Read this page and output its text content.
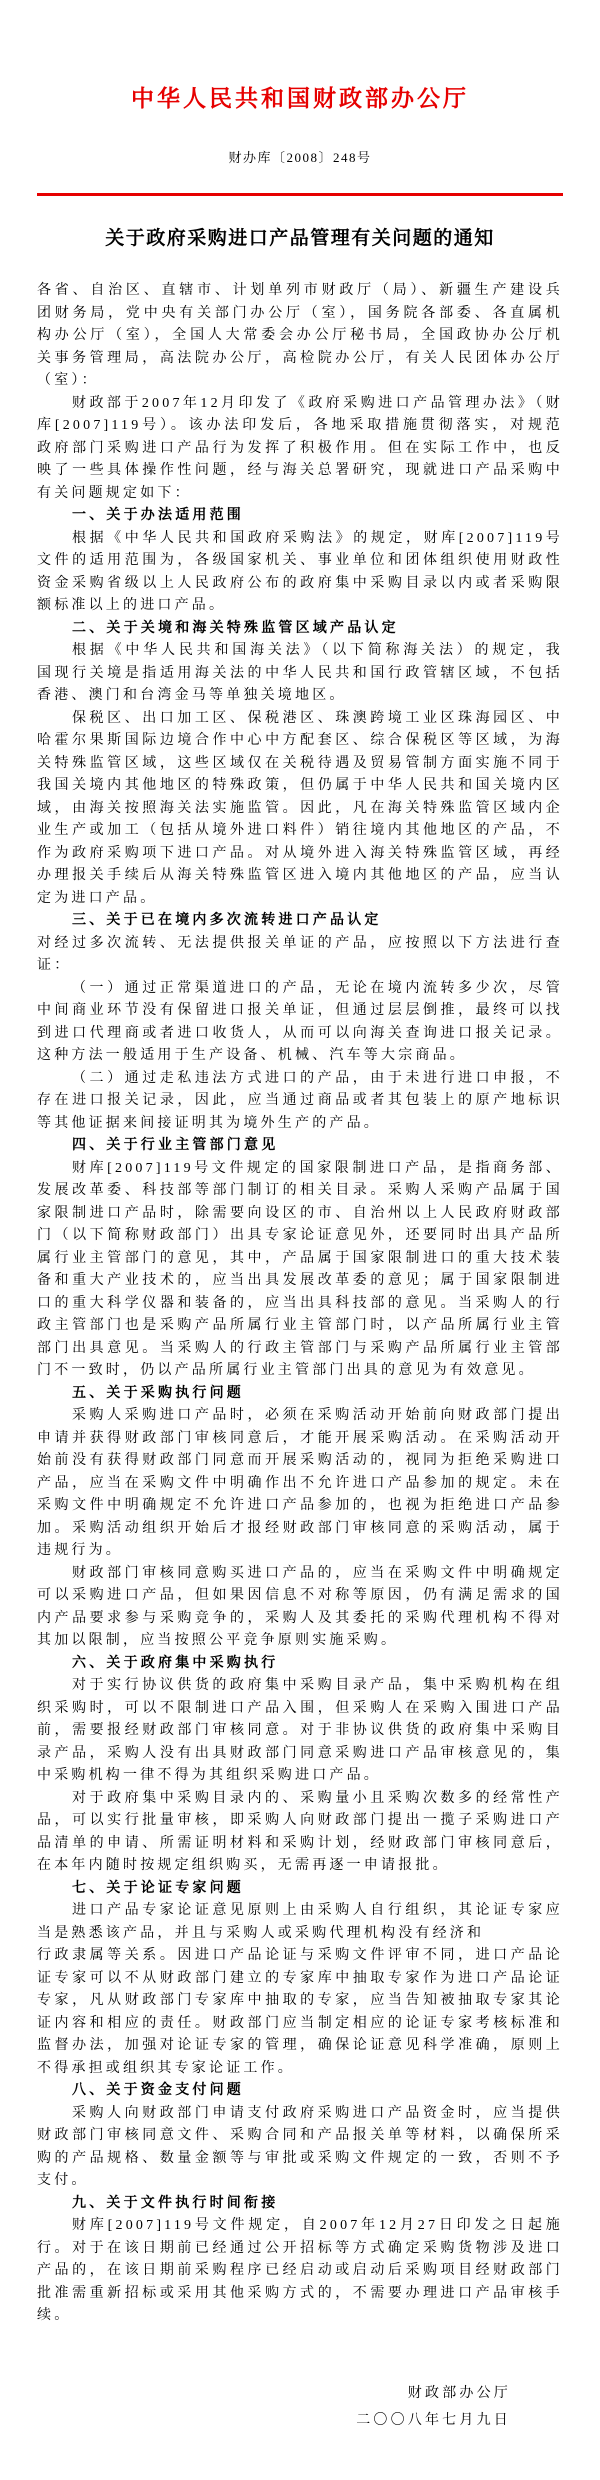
中华人民共和国财政部办公厅
财办库〔2008〕248号
关于政府采购进口产品管理有关问题的通知

各省、自治区、直辖市、计划单列市财政厅（局）、新疆生产建设兵团财务局，党中央有关部门办公厅（室），国务院各部委、各直属机构办公厅（室），全国人大常委会办公厅秘书局，全国政协办公厅机关事务管理局，高法院办公厅，高检院办公厅，有关人民团体办公厅（室）：

财政部于2007年12月印发了《政府采购进口产品管理办法》（财库[2007]119号）。该办法印发后，各地采取措施贯彻落实，对规范政府部门采购进口产品行为发挥了积极作用。但在实际工作中，也反映了一些具体操作性问题，经与海关总署研究，现就进口产品采购中有关问题规定如下：

一、关于办法适用范围

根据《中华人民共和国政府采购法》的规定，财库[2007]119号文件的适用范围为，各级国家机关、事业单位和团体组织使用财政性资金采购省级以上人民政府公布的政府集中采购目录以内或者采购限额标准以上的进口产品。

二、关于关境和海关特殊监管区域产品认定

根据《中华人民共和国海关法》（以下简称海关法）的规定，我国现行关境是指适用海关法的中华人民共和国行政管辖区域，不包括香港、澳门和台湾金马等单独关境地区。

保税区、出口加工区、保税港区、珠澳跨境工业区珠海园区、中哈霍尔果斯国际边境合作中心中方配套区、综合保税区等区域，为海关特殊监管区域，这些区域仅在关税待遇及贸易管制方面实施不同于我国关境内其他地区的特殊政策，但仍属于中华人民共和国关境内区域，由海关按照海关法实施监管。因此，凡在海关特殊监管区域内企业生产或加工（包括从境外进口料件）销往境内其他地区的产品，不作为政府采购项下进口产品。对从境外进入海关特殊监管区域，再经办理报关手续后从海关特殊监管区进入境内其他地区的产品，应当认定为进口产品。

三、关于已在境内多次流转进口产品认定

对经过多次流转、无法提供报关单证的产品，应按照以下方法进行查证：

（一）通过正常渠道进口的产品，无论在境内流转多少次，尽管中间商业环节没有保留进口报关单证，但通过层层倒推，最终可以找到进口代理商或者进口收货人，从而可以向海关查询进口报关记录。这种方法一般适用于生产设备、机械、汽车等大宗商品。

（二）通过走私违法方式进口的产品，由于未进行进口申报，不存在进口报关记录，因此，应当通过商品或者其包装上的原产地标识等其他证据来间接证明其为境外生产的产品。

四、关于行业主管部门意见

财库[2007]119号文件规定的国家限制进口产品，是指商务部、发展改革委、科技部等部门制订的相关目录。采购人采购产品属于国家限制进口产品时，除需要向设区的市、自治州以上人民政府财政部门（以下简称财政部门）出具专家论证意见外，还要同时出具产品所属行业主管部门的意见，其中，产品属于国家限制进口的重大技术装备和重大产业技术的，应当出具发展改革委的意见；属于国家限制进口的重大科学仪器和装备的，应当出具科技部的意见。当采购人的行政主管部门也是采购产品所属行业主管部门时，以产品所属行业主管部门出具意见。当采购人的行政主管部门与采购产品所属行业主管部门不一致时，仍以产品所属行业主管部门出具的意见为有效意见。

五、关于采购执行问题

采购人采购进口产品时，必须在采购活动开始前向财政部门提出申请并获得财政部门审核同意后，才能开展采购活动。在采购活动开始前没有获得财政部门同意而开展采购活动的，视同为拒绝采购进口产品，应当在采购文件中明确作出不允许进口产品参加的规定。未在采购文件中明确规定不允许进口产品参加的，也视为拒绝进口产品参加。采购活动组织开始后才报经财政部门审核同意的采购活动，属于违规行为。

财政部门审核同意购买进口产品的，应当在采购文件中明确规定可以采购进口产品，但如果因信息不对称等原因，仍有满足需求的国内产品要求参与采购竞争的，采购人及其委托的采购代理机构不得对其加以限制，应当按照公平竞争原则实施采购。

六、关于政府集中采购执行

对于实行协议供货的政府集中采购目录产品，集中采购机构在组织采购时，可以不限制进口产品入围，但采购人在采购入围进口产品前，需要报经财政部门审核同意。对于非协议供货的政府集中采购目录产品，采购人没有出具财政部门同意采购进口产品审核意见的，集中采购机构一律不得为其组织采购进口产品。

对于政府集中采购目录内的、采购量小且采购次数多的经常性产品，可以实行批量审核，即采购人向财政部门提出一揽子采购进口产品清单的申请、所需证明材料和采购计划，经财政部门审核同意后，在本年内随时按规定组织购买，无需再逐一申请报批。

七、关于论证专家问题

进口产品专家论证意见原则上由采购人自行组织，其论证专家应当是熟悉该产品，并且与采购人或采购代理机构没有经济和

行政隶属等关系。因进口产品论证与采购文件评审不同，进口产品论证专家可以不从财政部门建立的专家库中抽取专家作为进口产品论证专家，凡从财政部门专家库中抽取的专家，应当告知被抽取专家其论证内容和相应的责任。财政部门应当制定相应的论证专家考核标准和监督办法，加强对论证专家的管理，确保论证意见科学准确，原则上不得承担或组织其专家论证工作。

八、关于资金支付问题

采购人向财政部门申请支付政府采购进口产品资金时，应当提供财政部门审核同意文件、采购合同和产品报关单等材料，以确保所采购的产品规格、数量金额等与审批或采购文件规定的一致，否则不予支付。

九、关于文件执行时间衔接

财库[2007]119号文件规定，自2007年12月27日印发之日起施行。对于在该日期前已经通过公开招标等方式确定采购货物涉及进口产品的，在该日期前采购程序已经启动或启动后采购项目经财政部门批准需重新招标或采用其他采购方式的，不需要办理进口产品审核手续。

财政部办公厅
二〇〇八年七月九日
